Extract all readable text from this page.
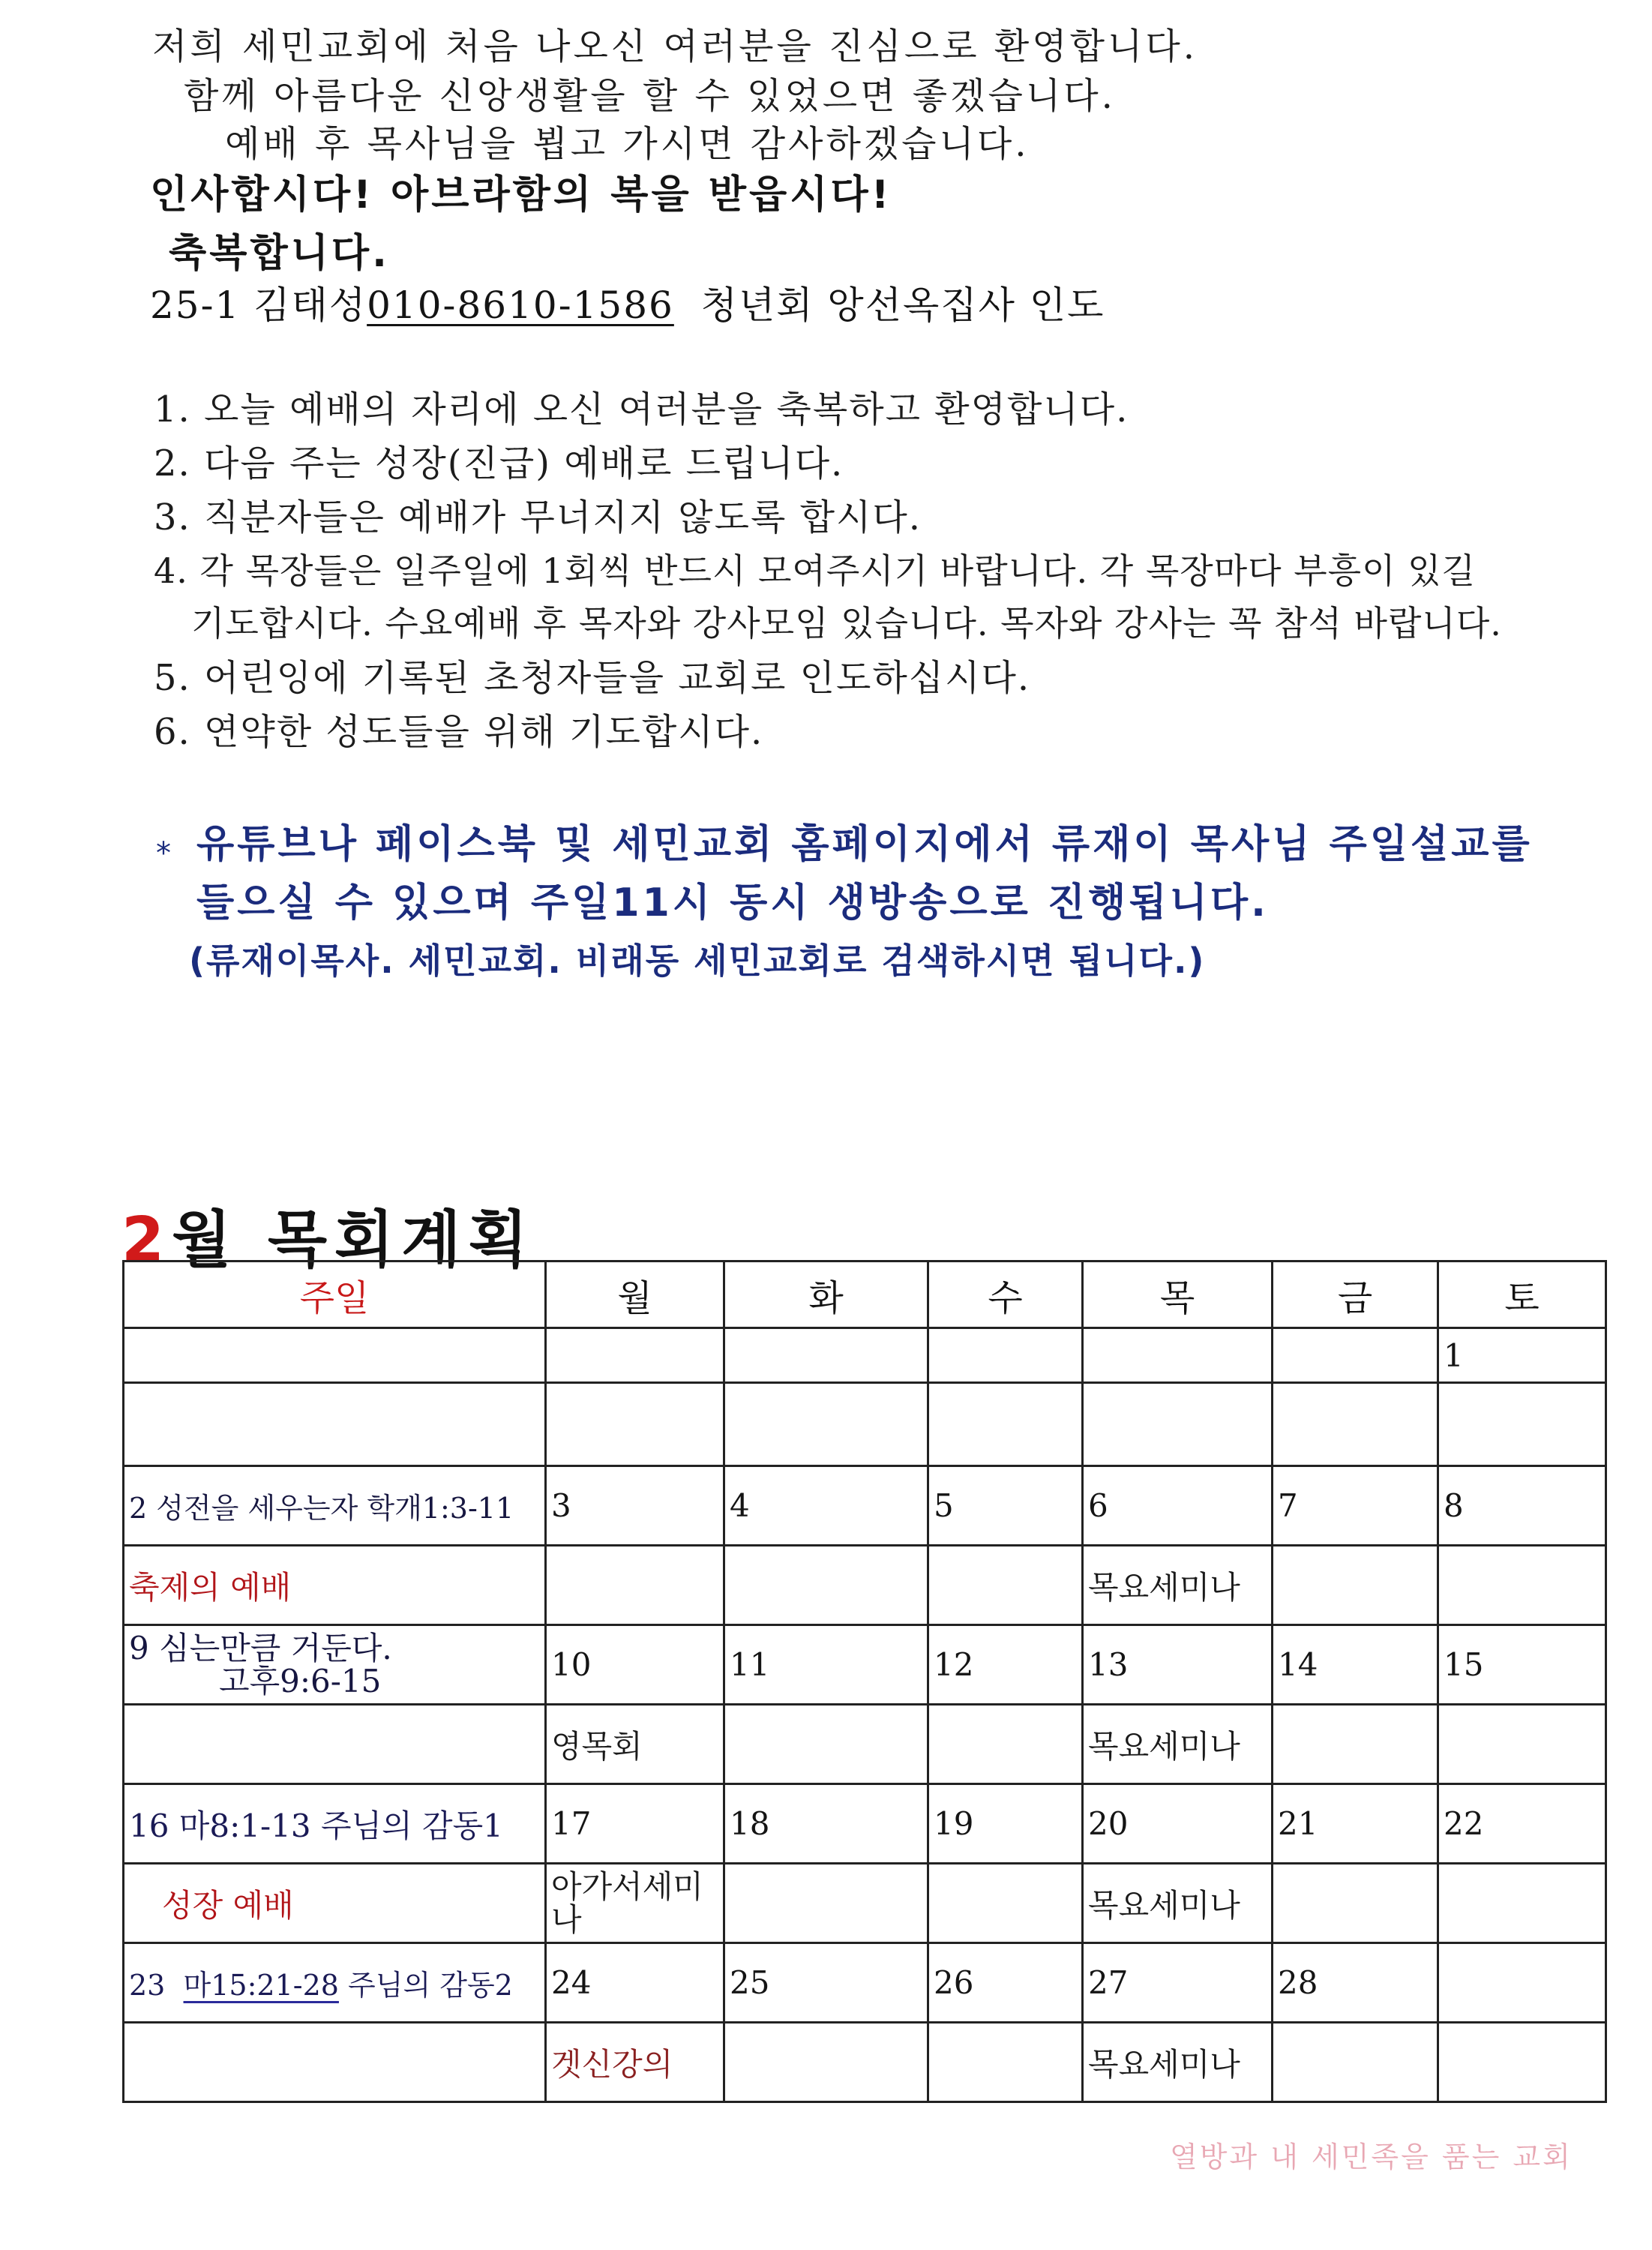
저희 세민교회에 처음 나오신 여러분을 진심으로 환영합니다.
함께 아름다운 신앙생활을 할 수 있었으면 좋겠습니다.
예배 후 목사님을 뵙고 가시면 감사하겠습니다.
인사합시다! 아브라함의 복을 받읍시다!
축복합니다.
25-1 김태성010-8610-1586 청년회 앙선옥집사 인도
1. 오늘 예배의 자리에 오신 여러분을 축복하고 환영합니다.
2. 다음 주는 성장(진급) 예배로 드립니다.
3. 직분자들은 예배가 무너지지 않도록 합시다.
4. 각 목장들은 일주일에 1회씩 반드시 모여주시기 바랍니다. 각 목장마다 부흥이 있길
기도합시다. 수요예배 후 목자와 강사모임 있습니다. 목자와 강사는 꼭 참석 바랍니다.
5. 어린잉에 기록된 초청자들을 교회로 인도하십시다.
6. 연약한 성도들을 위해 기도합시다.
* 유튜브나 페이스북 및 세민교회 홈페이지에서 류재이 목사님 주일설교를
들으실 수 있으며 주일11시 동시 생방송으로 진행됩니다.
(류재이목사. 세민교회. 비래동 세민교회로 검색하시면 됩니다.)
2월 목회계획
주일	월	화	수	목	금	토
						1

2 성전을 세우는자 학개1:3-11	3	4	5	6	7	8
축제의 예배				목요세미나		

9 심는만큼 거둔다.
고후9:6-15	10	11	12	13	14	15
	영목회			목요세미나		
16 마8:1-13 주님의 감동1	17	18	19	20	21	22
성장 예배	아가서세미
나			목요세미나		
23 마15:21-28 주님의 감동2	24	25	26	27	28	
	겟신강의			목요세미나		
열방과 내 세민족을 품는 교회
